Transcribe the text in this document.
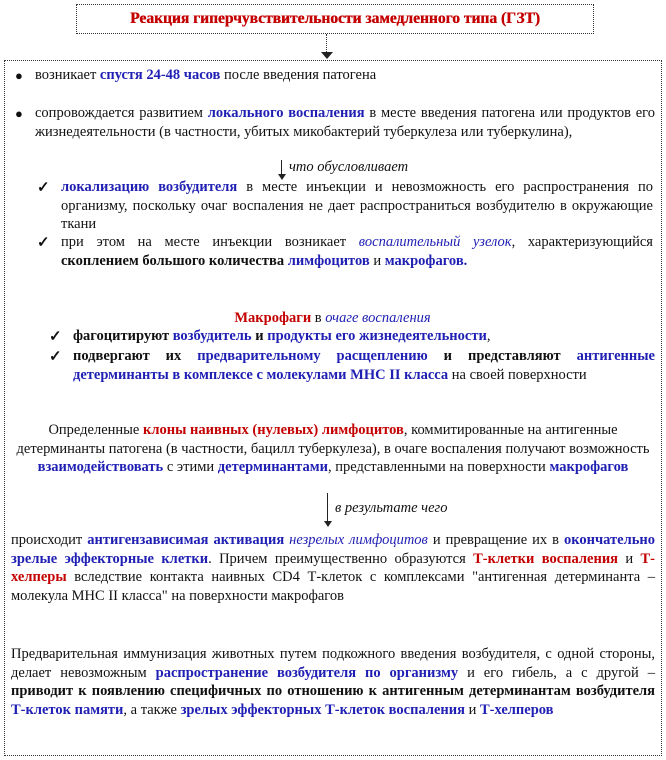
Реакция гиперчувствительности замедленного типа (ГЗТ)
● возникает спустя 24-48 часов после введения патогена
● сопровождается развитием локального воспаления в месте введения патогена или продуктов его жизнедеятельности (в частности, убитых микобактерий туберкулеза или туберкулина),
что обусловливает
✓ локализацию возбудителя в месте инъекции и невозможность его распространения по организму, поскольку очаг воспаления не дает распространиться возбудителю в окружающие ткани
✓ при этом на месте инъекции возникает воспалительный узелок, характеризующийся скоплением большого количества лимфоцитов и макрофагов.
Макрофаги в очаге воспаления
✓ фагоцитируют возбудитель и продукты его жизнедеятельности,
✓ подвергают их предварительному расщеплению и представляют антигенные детерминанты в комплексе с молекулами МНС II класса на своей поверхности
Определенные клоны наивных (нулевых) лимфоцитов, коммитированные на антигенные детерминанты патогена (в частности, бацилл туберкулеза), в очаге воспаления получают возможность взаимодействовать с этими детерминантами, представленными на поверхности макрофагов
в результате чего
происходит антигензависимая активация незрелых лимфоцитов и превращение их в окончательно зрелые эффекторные клетки. Причем преимущественно образуются Т-клетки воспаления и Т-хелперы вследствие контакта наивных CD4 Т-клеток с комплексами "антигенная детерминанта – молекула МНС II класса" на поверхности макрофагов
Предварительная иммунизация животных путем подкожного введения возбудителя, с одной стороны, делает невозможным распространение возбудителя по организму и его гибель, а с другой – приводит к появлению специфичных по отношению к антигенным детерминантам возбудителя Т-клеток памяти, а также зрелых эффекторных Т-клеток воспаления и Т-хелперов
